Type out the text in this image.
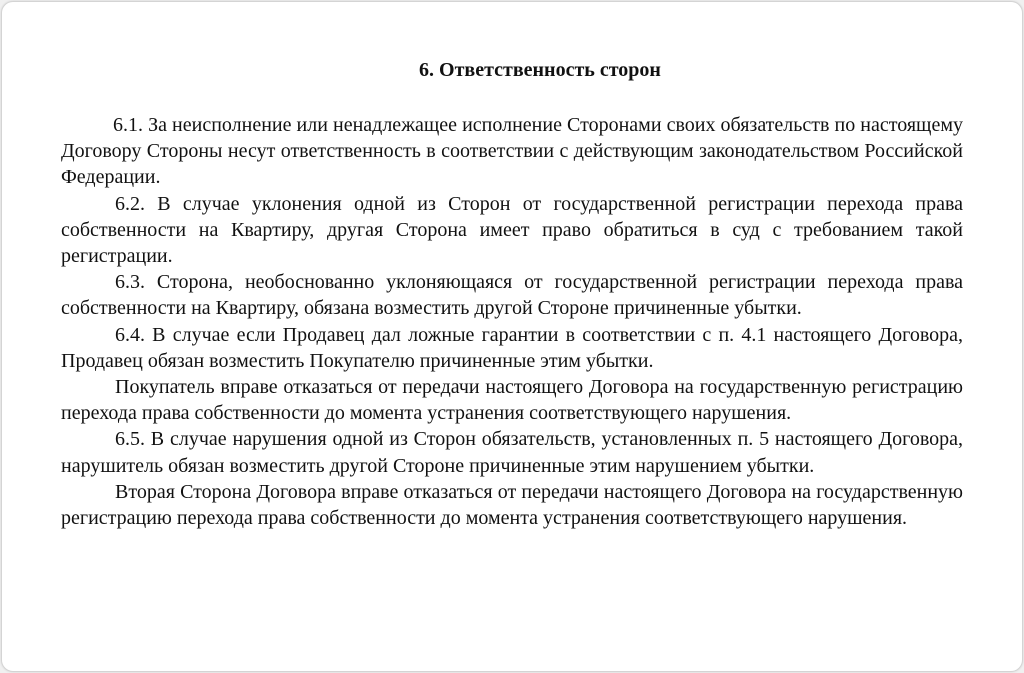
6. Ответственность сторон

6.1. За неисполнение или ненадлежащее исполнение Сторонами своих обязательств по настоящему Договору Стороны несут ответственность в соответствии с действующим законодательством Российской Федерации.

6.2. В случае уклонения одной из Сторон от государственной регистрации перехода права собственности на Квартиру, другая Сторона имеет право обратиться в суд с требованием такой регистрации.

6.3. Сторона, необоснованно уклоняющаяся от государственной регистрации перехода права собственности на Квартиру, обязана возместить другой Стороне причиненные убытки.

6.4. В случае если Продавец дал ложные гарантии в соответствии с п. 4.1 настоящего Договора, Продавец обязан возместить Покупателю причиненные этим убытки.

Покупатель вправе отказаться от передачи настоящего Договора на государственную регистрацию перехода права собственности до момента устранения соответствующего нарушения.

6.5. В случае нарушения одной из Сторон обязательств, установленных п. 5 настоящего Договора, нарушитель обязан возместить другой Стороне причиненные этим нарушением убытки.

Вторая Сторона Договора вправе отказаться от передачи настоящего Договора на государственную регистрацию перехода права собственности до момента устранения соответствующего нарушения.
